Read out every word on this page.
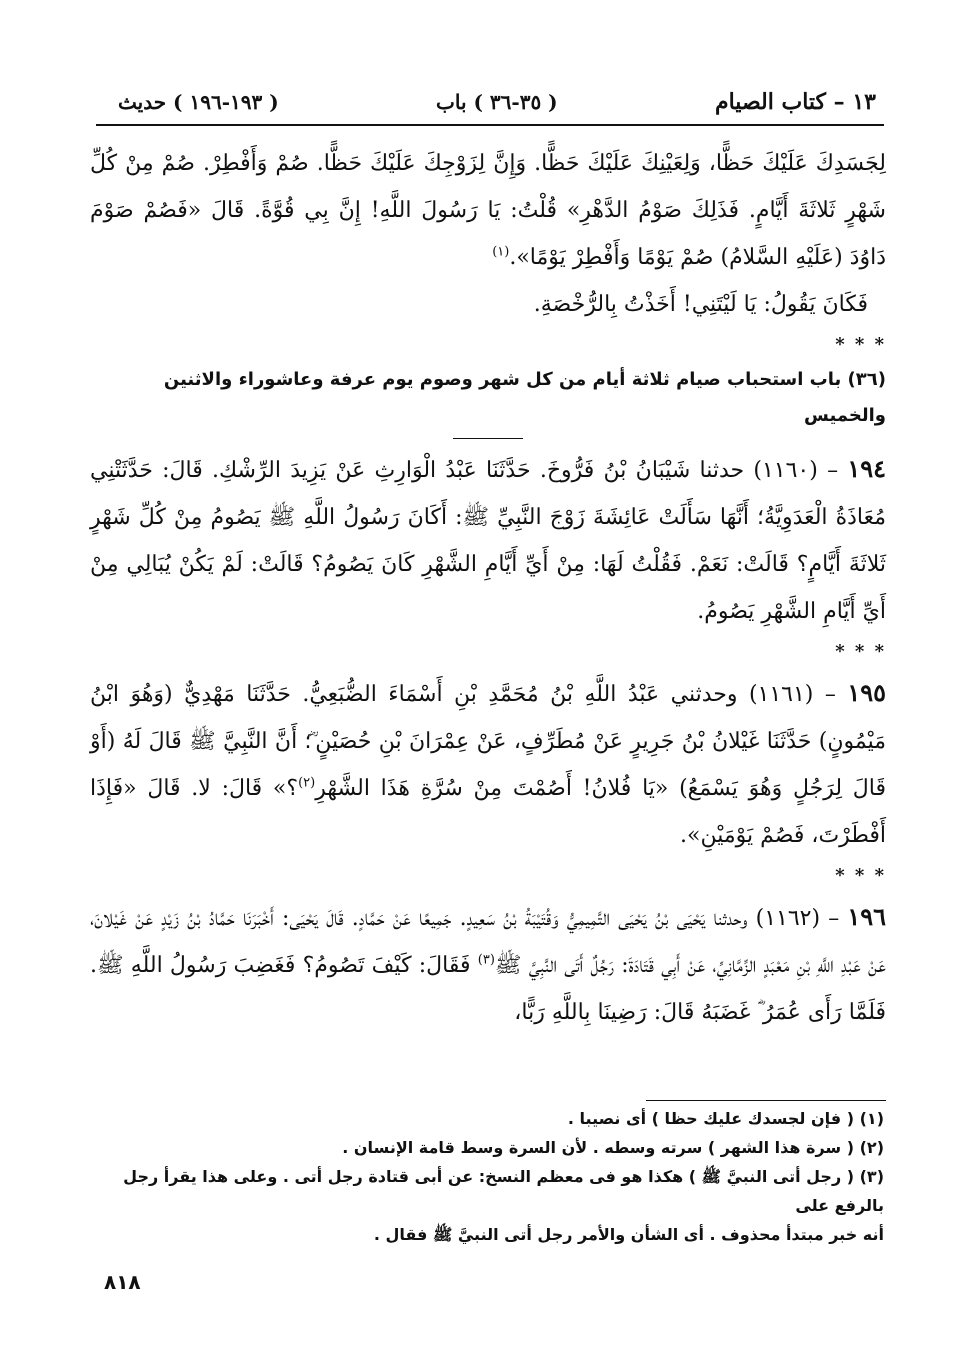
١٣ – كتاب الصيام
( ٣٥-٣٦ ) باب
( ١٩٣-١٩٦ ) حديث

لِجَسَدِكَ عَلَيْكَ حَظًّا، وَلِعَيْنِكَ عَلَيْكَ حَظًّا. وَإِنَّ لِزَوْجِكَ عَلَيْكَ حَظًّا. صُمْ وَأَفْطِرْ. صُمْ مِنْ كُلِّ شَهْرٍ ثَلاثَةَ أَيَّامٍ. فَذَلِكَ صَوْمُ الدَّهْرِ» قُلْتُ: يَا رَسُولَ اللَّهِ! إِنَّ بِي قُوَّةً. قَالَ «فَصُمْ صَوْمَ دَاوُدَ (عَلَيْهِ السَّلامُ) صُمْ يَوْمًا وَأَفْطِرْ يَوْمًا».$^{(١)}$

فَكَانَ يَقُولُ: يَا لَيْتَنِي! أَخَذْتُ بِالرُّخْصَةِ.

* * *
(٣٦) باب استحباب صيام ثلاثة أيام من كل شهر وصوم يوم عرفة وعاشوراء والاثنين والخميس

١٩٤ – (١١٦٠) حدثنا شَيْبَانُ بْنُ فَرُّوخَ. حَدَّثَنَا عَبْدُ الْوَارِثِ عَنْ يَزِيدَ الرِّشْكِ. قَالَ: حَدَّثَتْنِي مُعَاذَةُ الْعَدَوِيَّةُ؛ أَنَّهَا سَأَلَتْ عَائِشَةَ زَوْجَ النَّبِيِّ ﷺ: أَكَانَ رَسُولُ اللَّهِ ﷺ يَصُومُ مِنْ كُلِّ شَهْرٍ ثَلاثَةَ أَيَّامٍ؟ قَالَتْ: نَعَمْ. فَقُلْتُ لَهَا: مِنْ أَيِّ أَيَّامِ الشَّهْرِ كَانَ يَصُومُ؟ قَالَتْ: لَمْ يَكُنْ يُبَالِي مِنْ أَيِّ أَيَّامِ الشَّهْرِ يَصُومُ.

* * *

١٩٥ – (١١٦١) وحدثني عَبْدُ اللَّهِ بْنُ مُحَمَّدِ بْنِ أَسْمَاءَ الضُّبَعِيُّ. حَدَّثَنَا مَهْدِيٌّ (وَهُوَ ابْنُ مَيْمُونٍ) حَدَّثَنَا غَيْلانُ بْنُ جَرِيرٍ عَنْ مُطَرِّفٍ، عَنْ عِمْرَانَ بْنِ حُصَيْنٍ ؓ؛ أَنَّ النَّبِيَّ ﷺ قَالَ لَهُ (أَوْ قَالَ لِرَجُلٍ وَهُوَ يَسْمَعُ) «يَا فُلانُ! أَصُمْتَ مِنْ سُرَّةِ هَذَا الشَّهْرِ$^{(٢)}$؟» قَالَ: لا. قَالَ «فَإِذَا أَفْطَرْتَ، فَصُمْ يَوْمَيْنِ».

* * *

١٩٦ – (١١٦٢) وحدثنا يَحْيَى بْنُ يَحْيَى التَّمِيمِيُّ وَقُتَيْبَةُ بْنُ سَعِيدٍ. جَمِيعًا عَنْ حَمَّادٍ. قَالَ يَحْيَى: أَخْبَرَنَا حَمَّادُ بْنُ زَيْدٍ عَنْ غَيْلانَ، عَنْ عَبْدِ اللَّهِ بْنِ مَعْبَدٍ الزِّمَّانِيِّ، عَنْ أَبِي قَتَادَةَ: رَجُلٌ أَتَى النَّبِيَّ ﷺ$^{(٣)}$ فَقَالَ: كَيْفَ تَصُومُ؟ فَغَضِبَ رَسُولُ اللَّهِ ﷺ. فَلَمَّا رَأَى عُمَرُ ؓ غَضَبَهُ قَالَ: رَضِينَا بِاللَّهِ رَبًّا،

(١) ( فإن لجسدك عليك حظا ) أى نصيبا .

(٢) ( سرة هذا الشهر ) سرته وسطه . لأن السرة وسط قامة الإنسان .

(٣) ( رجل أتى النبيَّ ﷺ ) هكذا هو فى معظم النسخ: عن أبى قتادة رجل أتى . وعلى هذا يقرأ رجل بالرفع على

أنه خبر مبتدأ محذوف . أى الشأن والأمر رجل أتى النبيَّ ﷺ فقال .

٨١٨
